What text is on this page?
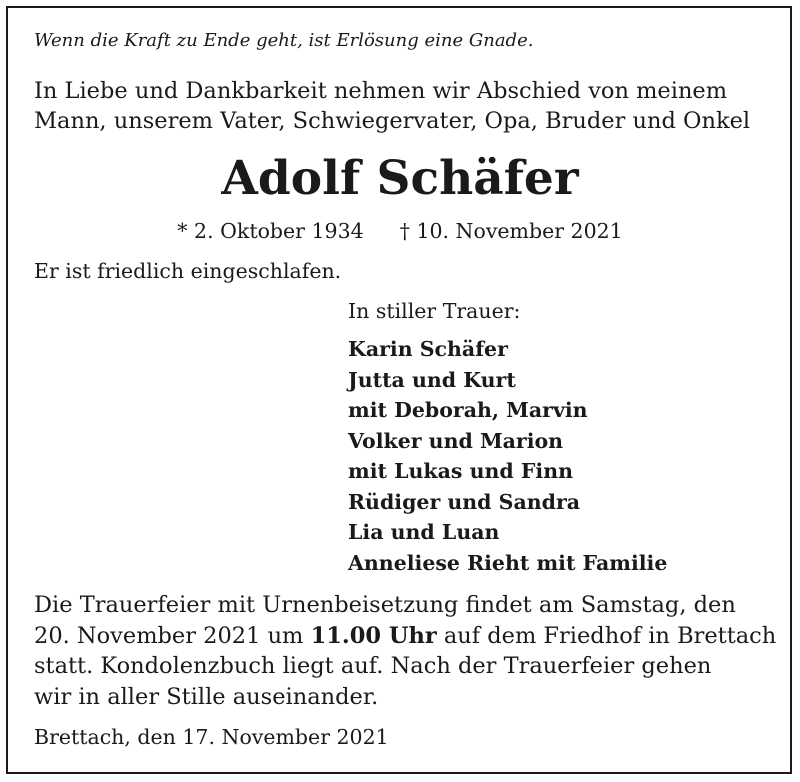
Wenn die Kraft zu Ende geht, ist Erlösung eine Gnade.
In Liebe und Dankbarkeit nehmen wir Abschied von meinem
Mann, unserem Vater, Schwiegervater, Opa, Bruder und Onkel
Adolf Schäfer
* 2. Oktober 1934 † 10. November 2021
Er ist friedlich eingeschlafen.
In stiller Trauer:
Karin Schäfer
Jutta und Kurt
mit Deborah, Marvin
Volker und Marion
mit Lukas und Finn
Rüdiger und Sandra
Lia und Luan
Anneliese Rieht mit Familie
Die Trauerfeier mit Urnenbeisetzung findet am Samstag, den
20. November 2021 um 11.00 Uhr auf dem Friedhof in Brettach
statt. Kondolenzbuch liegt auf. Nach der Trauerfeier gehen
wir in aller Stille auseinander.
Brettach, den 17. November 2021
